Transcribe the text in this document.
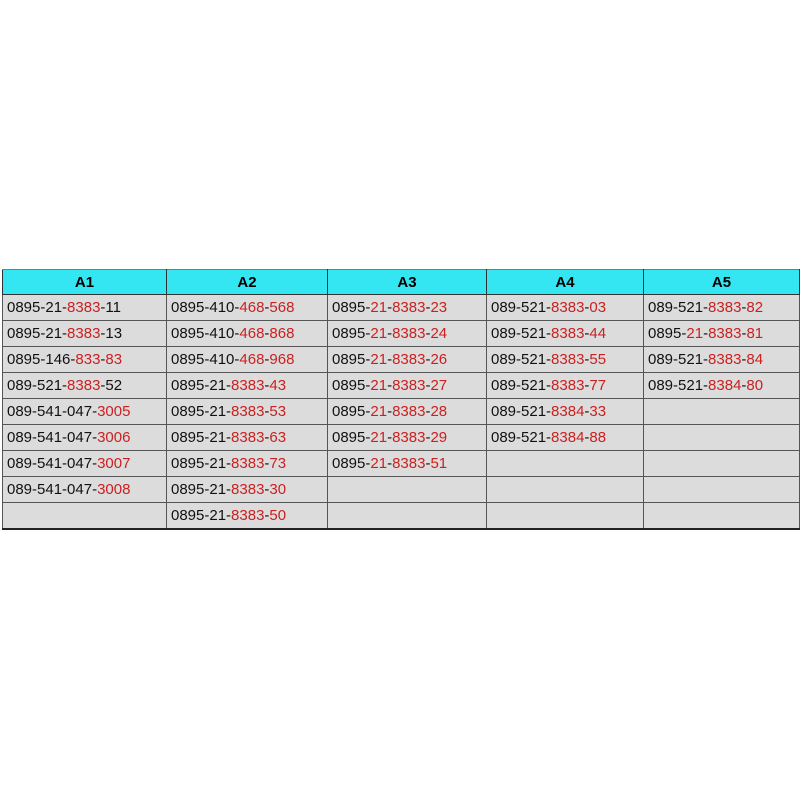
A1	A2	A3	A4	A5
0895-21-8383-11	0895-410-468-568	0895-21-8383-23	089-521-8383-03	089-521-8383-82
0895-21-8383-13	0895-410-468-868	0895-21-8383-24	089-521-8383-44	0895-21-8383-81
0895-146-833-83	0895-410-468-968	0895-21-8383-26	089-521-8383-55	089-521-8383-84
089-521-8383-52	0895-21-8383-43	0895-21-8383-27	089-521-8383-77	089-521-8384-80
089-541-047-3005	0895-21-8383-53	0895-21-8383-28	089-521-8384-33	
089-541-047-3006	0895-21-8383-63	0895-21-8383-29	089-521-8384-88	
089-541-047-3007	0895-21-8383-73	0895-21-8383-51		
089-541-047-3008	0895-21-8383-30			
	0895-21-8383-50			
